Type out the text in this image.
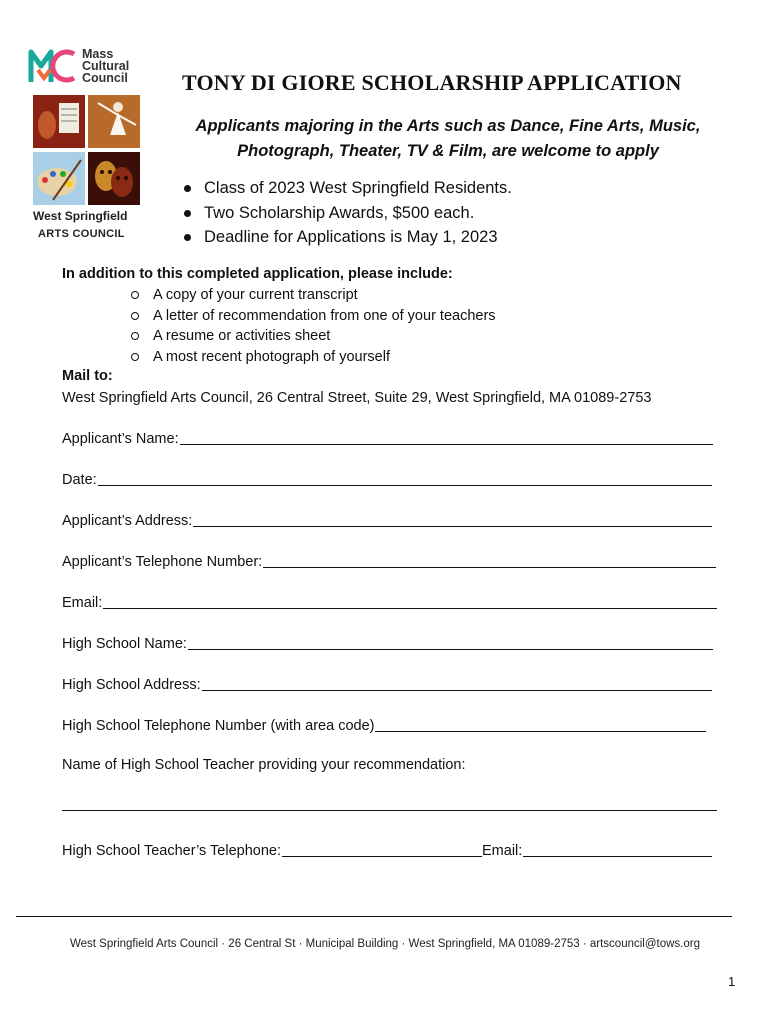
Mass
Cultural
Council
West Springfield
ARTS COUNCIL
TONY DI GIORE SCHOLARSHIP APPLICATION
Applicants majoring in the Arts such as Dance, Fine Arts, Music,
Photograph, Theater, TV & Film, are welcome to apply
Class of 2023 West Springfield Residents.
Two Scholarship Awards, $500 each.
Deadline for Applications is May 1, 2023
In addition to this completed application, please include:
A copy of your current transcript
A letter of recommendation from one of your teachers
A resume or activities sheet
A most recent photograph of yourself
Mail to:
West Springfield Arts Council, 26 Central Street, Suite 29, West Springfield, MA 01089-2753
Applicant’s Name:
Date:
Applicant’s Address:
Applicant’s Telephone Number:
Email:
High School Name:
High School Address:
High School Telephone Number (with area code)
Name of High School Teacher providing your recommendation:
High School Teacher’s Telephone:	Email:
West Springfield Arts Council · 26 Central St · Municipal Building · West Springfield, MA 01089-2753 · artscouncil@tows.org
1
